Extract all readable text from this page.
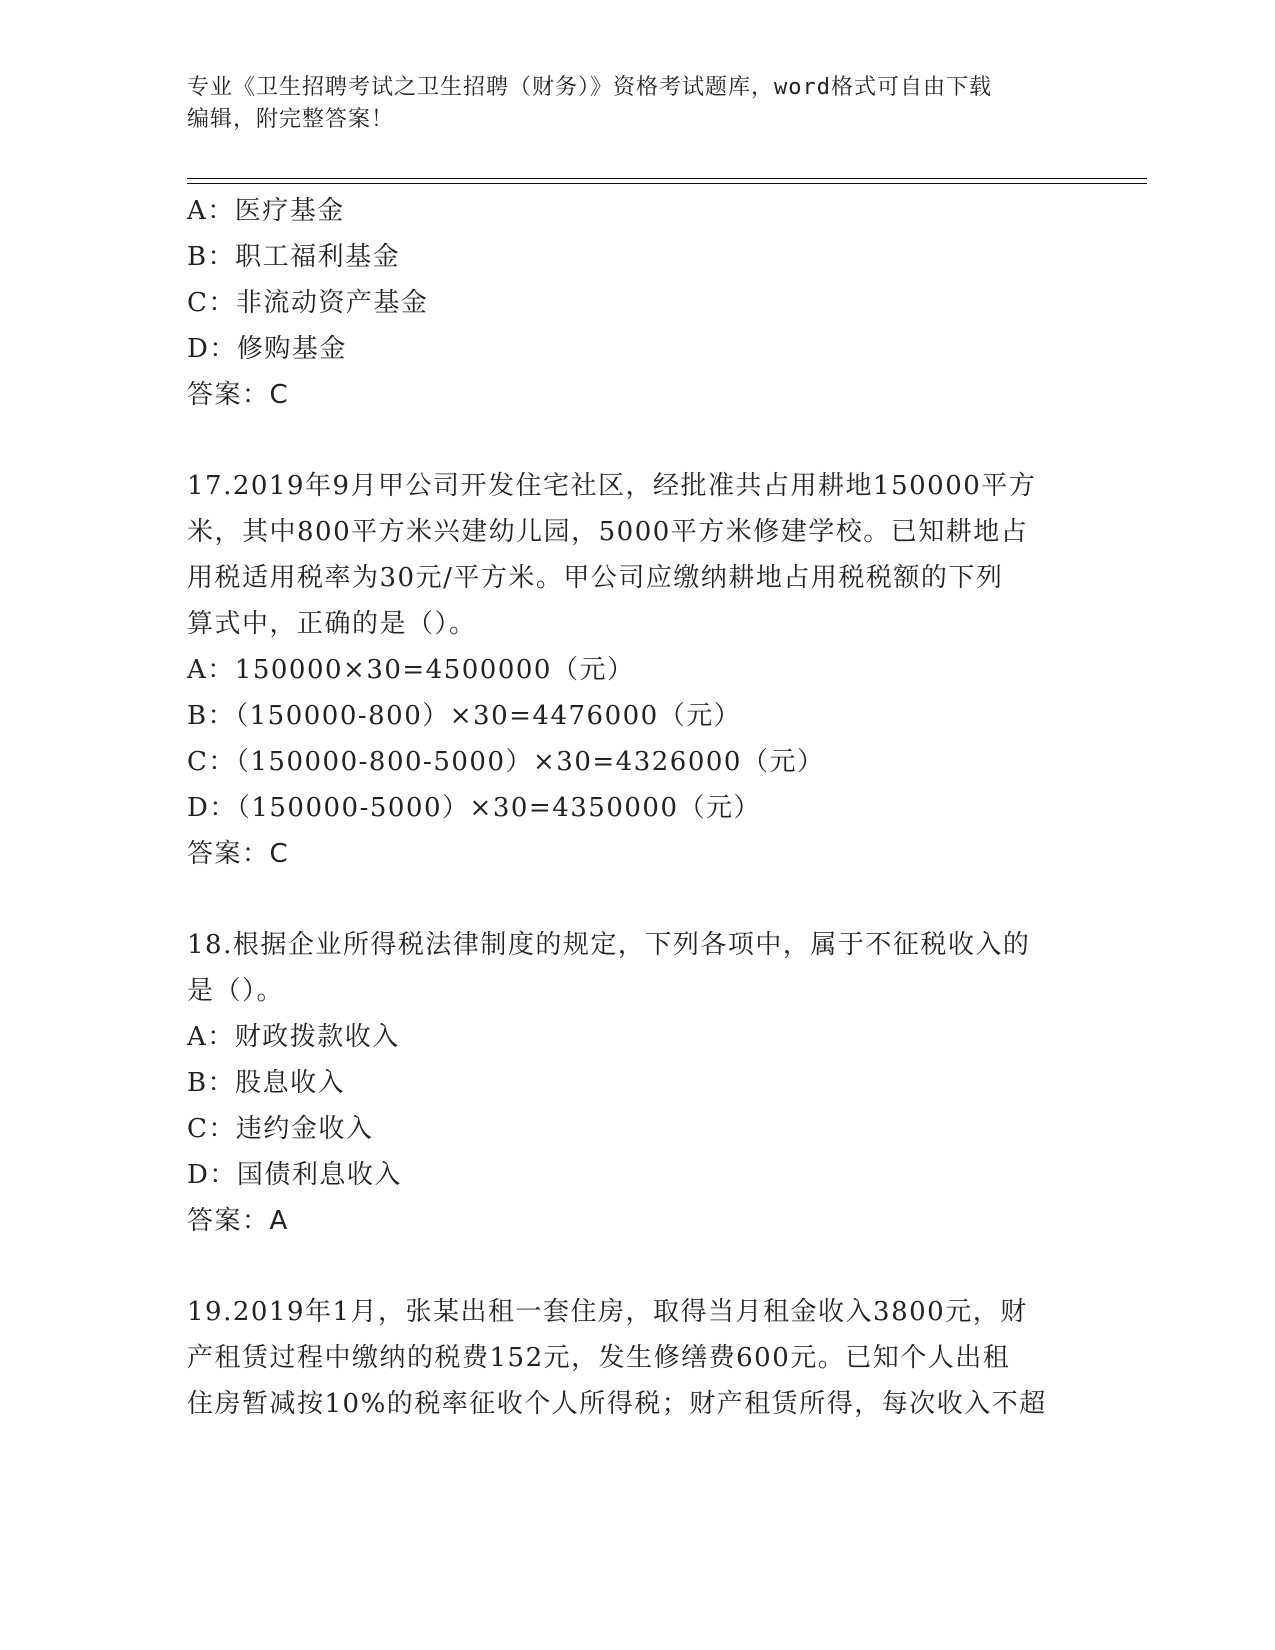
专业《卫生招聘考试之卫生招聘（财务）》资格考试题库，word格式可自由下载
编辑，附完整答案！
A：医疗基金
B：职工福利基金
C：非流动资产基金
D：修购基金
答案：C
17.2019年9月甲公司开发住宅社区，经批准共占用耕地150000平方
米，其中800平方米兴建幼儿园，5000平方米修建学校。已知耕地占
用税适用税率为30元/平方米。甲公司应缴纳耕地占用税税额的下列
算式中，正确的是（）。
A：150000×30=4500000（元）
B：（150000-800）×30=4476000（元）
C：（150000-800-5000）×30=4326000（元）
D：（150000-5000）×30=4350000（元）
答案：C
18.根据企业所得税法律制度的规定，下列各项中，属于不征税收入的
是（）。
A：财政拨款收入
B：股息收入
C：违约金收入
D：国债利息收入
答案：A
19.2019年1月，张某出租一套住房，取得当月租金收入3800元，财
产租赁过程中缴纳的税费152元，发生修缮费600元。已知个人出租
住房暂减按10%的税率征收个人所得税；财产租赁所得，每次收入不超
